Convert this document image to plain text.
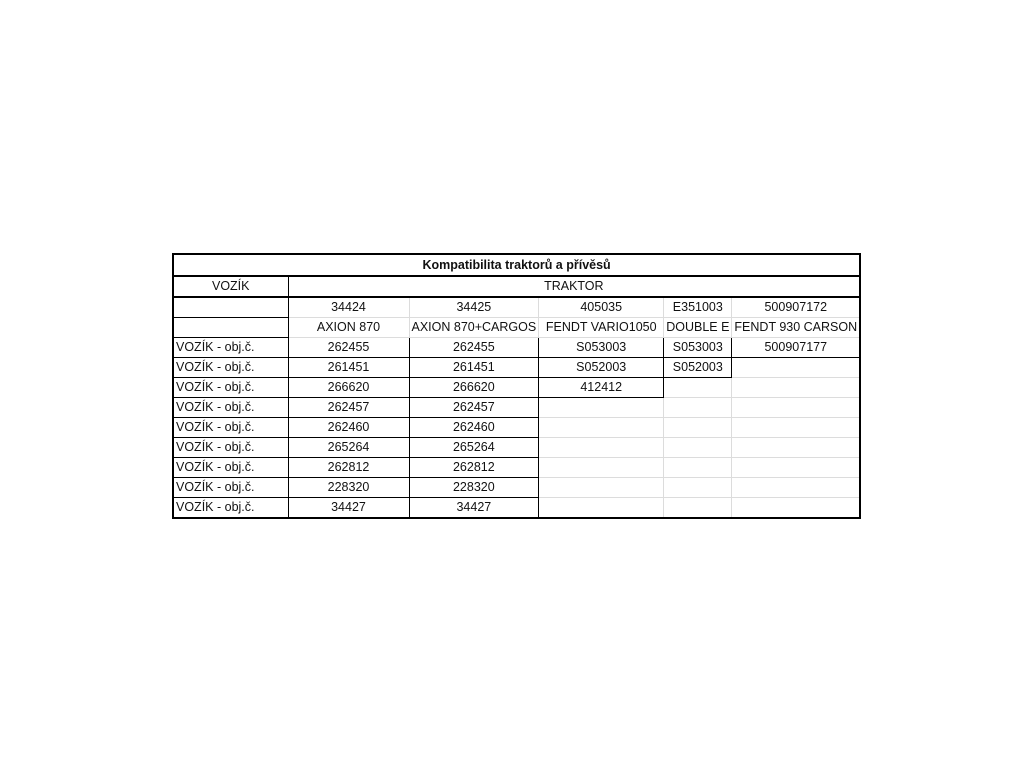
Kompatibilita traktorů a přívěsů					
VOZÍK	TRAKTOR				
	34424	34425	405035	E351003	500907172
	AXION 870	AXION 870+CARGOS	FENDT VARIO1050	DOUBLE E	FENDT 930 CARSON
VOZÍK - obj.č.	262455	262455	S053003	S053003	500907177
VOZÍK - obj.č.	261451	261451	S052003	S052003	
VOZÍK - obj.č.	266620	266620	412412		
VOZÍK - obj.č.	262457	262457			
VOZÍK - obj.č.	262460	262460			
VOZÍK - obj.č.	265264	265264			
VOZÍK - obj.č.	262812	262812			
VOZÍK - obj.č.	228320	228320			
VOZÍK - obj.č.	34427	34427			
